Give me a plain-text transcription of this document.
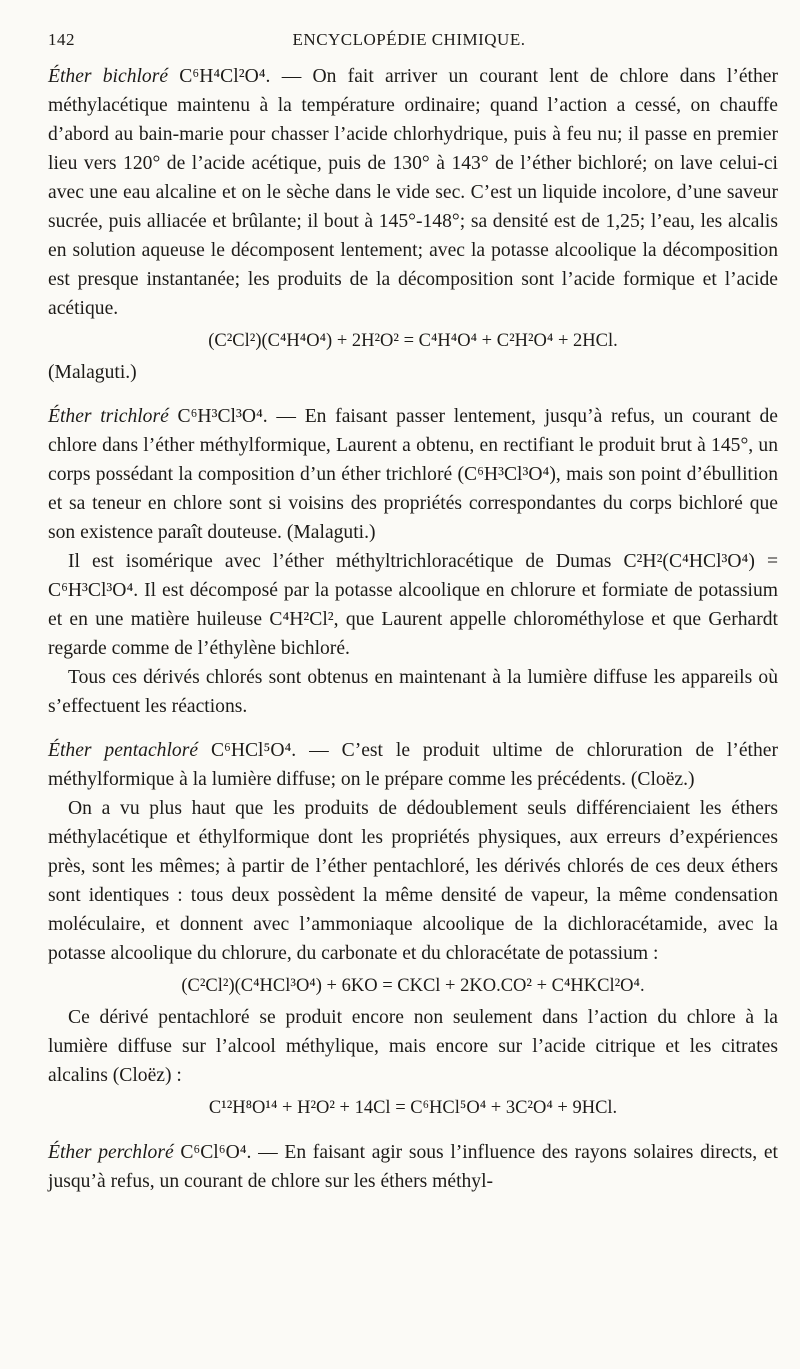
142	ENCYCLOPÉDIE CHIMIQUE.

Éther bichloré C⁶H⁴Cl²O⁴. — On fait arriver un courant lent de chlore dans l’éther méthylacétique maintenu à la température ordinaire; quand l’action a cessé, on chauffe d’abord au bain-marie pour chasser l’acide chlorhydrique, puis à feu nu; il passe en premier lieu vers 120° de l’acide acétique, puis de 130° à 143° de l’éther bichloré; on lave celui-ci avec une eau alcaline et on le sèche dans le vide sec. C’est un liquide incolore, d’une saveur sucrée, puis alliacée et brûlante; il bout à 145°-148°; sa densité est de 1,25; l’eau, les alcalis en solution aqueuse le décomposent lentement; avec la potasse alcoolique la décomposition est presque instantanée; les produits de la décomposition sont l’acide formique et l’acide acétique.

(C²Cl²)(C⁴H⁴O⁴) + 2H²O² = C⁴H⁴O⁴ + C²H²O⁴ + 2HCl.

(Malaguti.)

Éther trichloré C⁶H³Cl³O⁴. — En faisant passer lentement, jusqu’à refus, un courant de chlore dans l’éther méthylformique, Laurent a obtenu, en rectifiant le produit brut à 145°, un corps possédant la composition d’un éther trichloré (C⁶H³Cl³O⁴), mais son point d’ébullition et sa teneur en chlore sont si voisins des propriétés correspondantes du corps bichloré que son existence paraît douteuse. (Malaguti.)

Il est isomérique avec l’éther méthyltrichloracétique de Dumas C²H²(C⁴HCl³O⁴) = C⁶H³Cl³O⁴. Il est décomposé par la potasse alcoolique en chlorure et formiate de potassium et en une matière huileuse C⁴H²Cl², que Laurent appelle chlorométhylose et que Gerhardt regarde comme de l’éthylène bichloré.

Tous ces dérivés chlorés sont obtenus en maintenant à la lumière diffuse les appareils où s’effectuent les réactions.

Éther pentachloré C⁶HCl⁵O⁴. — C’est le produit ultime de chloruration de l’éther méthylformique à la lumière diffuse; on le prépare comme les précédents. (Cloëz.)

On a vu plus haut que les produits de dédoublement seuls différenciaient les éthers méthylacétique et éthylformique dont les propriétés physiques, aux erreurs d’expériences près, sont les mêmes; à partir de l’éther pentachloré, les dérivés chlorés de ces deux éthers sont identiques : tous deux possèdent la même densité de vapeur, la même condensation moléculaire, et donnent avec l’ammoniaque alcoolique de la dichloracétamide, avec la potasse alcoolique du chlorure, du carbonate et du chloracétate de potassium :

(C²Cl²)(C⁴HCl³O⁴) + 6KO = CKCl + 2KO.CO² + C⁴HKCl²O⁴.

Ce dérivé pentachloré se produit encore non seulement dans l’action du chlore à la lumière diffuse sur l’alcool méthylique, mais encore sur l’acide citrique et les citrates alcalins (Cloëz) :

C¹²H⁸O¹⁴ + H²O² + 14Cl = C⁶HCl⁵O⁴ + 3C²O⁴ + 9HCl.

Éther perchloré C⁶Cl⁶O⁴. — En faisant agir sous l’influence des rayons solaires directs, et jusqu’à refus, un courant de chlore sur les éthers méthyl-
